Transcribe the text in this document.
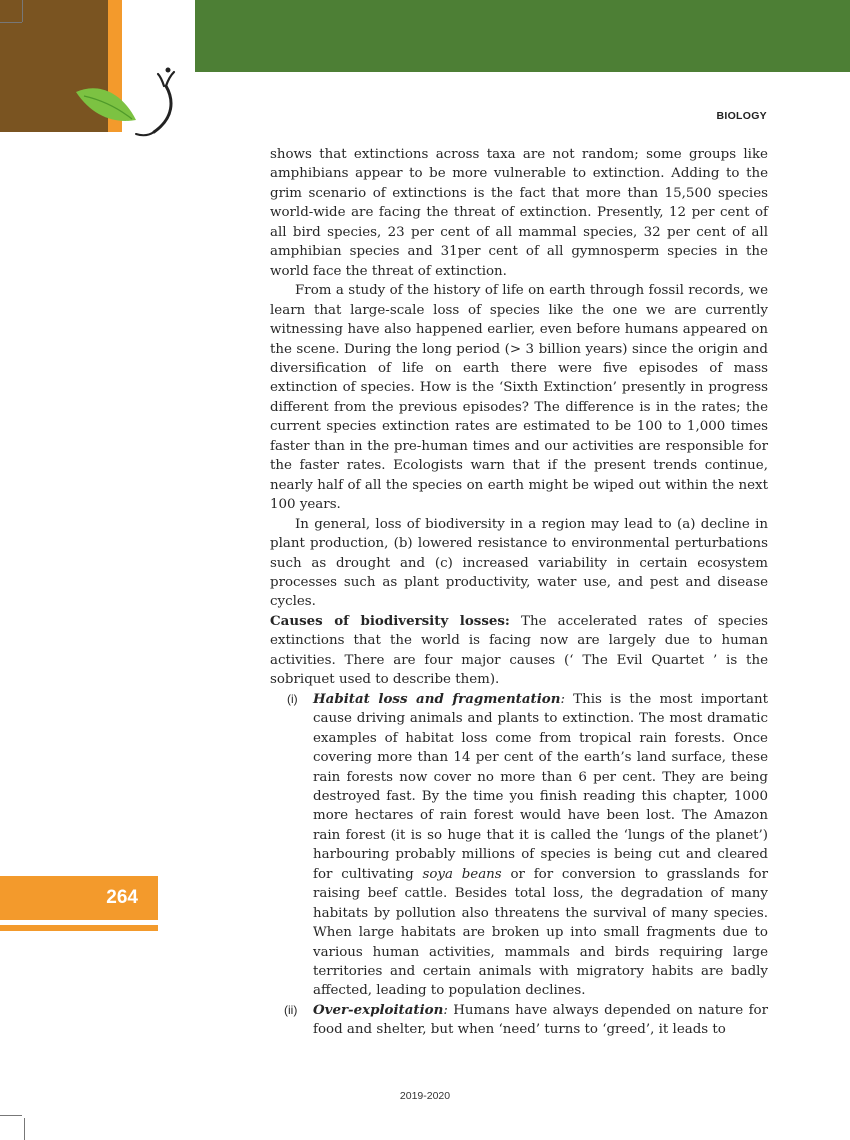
BIOLOGY

shows that extinctions across taxa are not random; some groups like amphibians appear to be more vulnerable to extinction. Adding to the grim scenario of extinctions is the fact that more than 15,500 species world-wide are facing the threat of extinction. Presently, 12 per cent of all bird species, 23 per cent of all mammal species, 32 per cent of all amphibian species and 31per cent of all gymnosperm species in the world face the threat of extinction.

From a study of the history of life on earth through fossil records, we learn that large-scale loss of species like the one we are currently witnessing have also happened earlier, even before humans appeared on the scene. During the long period (> 3 billion years) since the origin and diversification of life on earth there were five episodes of mass extinction of species. How is the ‘Sixth Extinction’ presently in progress different from the previous episodes? The difference is in the rates; the current species extinction rates are estimated to be 100 to 1,000 times faster than in the pre-human times and our activities are responsible for the faster rates. Ecologists warn that if the present trends continue, nearly half of all the species on earth might be wiped out within the next 100 years.

In general, loss of biodiversity in a region may lead to (a) decline in plant production, (b) lowered resistance to environmental perturbations such as drought and (c) increased variability in certain ecosystem processes such as plant productivity, water use, and pest and disease cycles.

Causes of biodiversity losses: The accelerated rates of species extinctions that the world is facing now are largely due to human activities. There are four major causes (‘ The Evil Quartet ’ is the sobriquet used to describe them).

(i) Habitat loss and fragmentation: This is the most important cause driving animals and plants to extinction. The most dramatic examples of habitat loss come from tropical rain forests. Once covering more than 14 per cent of the earth’s land surface, these rain forests now cover no more than 6 per cent. They are being destroyed fast. By the time you finish reading this chapter, 1000 more hectares of rain forest would have been lost. The Amazon rain forest (it is so huge that it is called the ‘lungs of the planet’) harbouring probably millions of species is being cut and cleared for cultivating soya beans or for conversion to grasslands for raising beef cattle. Besides total loss, the degradation of many habitats by pollution also threatens the survival of many species. When large habitats are broken up into small fragments due to various human activities, mammals and birds requiring large territories and certain animals with migratory habits are badly affected, leading to population declines.
(ii) Over-exploitation: Humans have always depended on nature for food and shelter, but when ‘need’ turns to ‘greed’, it leads to
264
2019-2020
